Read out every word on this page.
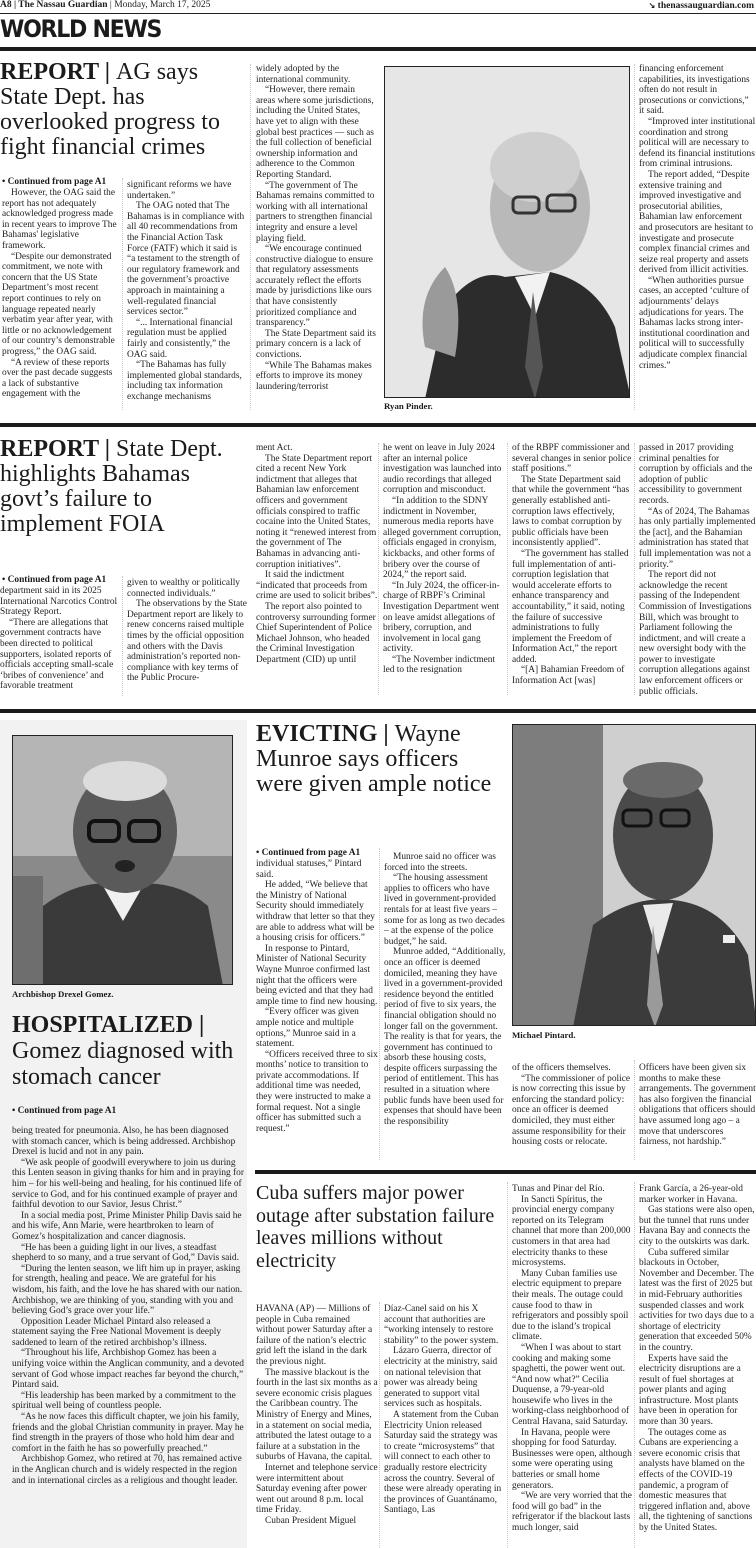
A8 | The Nassau Guardian | Monday, March 17, 2025	↘ thenassauguardian.com
WORLD NEWS
REPORT | AG says State Dept. has overlooked progress to fight financial crimes
• Continued from page A1

However, the OAG said the report has not adequately acknowledged progress made in recent years to improve The Bahamas' legislative framework.

“Despite our demonstrated commitment, we note with concern that the US State Department’s most recent report continues to rely on language repeated nearly verbatim year after year, with little or no acknowledgement of our country’s demonstrable progress,” the OAG said.

“A review of these reports over the past decade suggests a lack of substantive engagement with the

significant reforms we have undertaken.”

The OAG noted that The Bahamas is in compliance with all 40 recommendations from the Financial Action Task Force (FATF) which it said is “a testament to the strength of our regulatory framework and the government’s proactive approach in maintaining a well-regulated financial services sector.”

“... International financial regulation must be applied fairly and consistently,” the OAG said.

“The Bahamas has fully implemented global standards, including tax information exchange mechanisms

widely adopted by the international community.

“However, there remain areas where some jurisdictions, including the United States, have yet to align with these global best practices — such as the full collection of beneficial ownership information and adherence to the Common Reporting Standard.

“The government of The Bahamas remains committed to working with all international partners to strengthen financial integrity and ensure a level playing field.

“We encourage continued constructive dialogue to ensure that regulatory assessments accurately reflect the efforts made by jurisdictions like ours that have consistently prioritized compliance and transparency.”

The State Department said its primary concern is a lack of convictions.

“While The Bahamas makes efforts to improve its money laundering/terrorist

Ryan Pinder.

financing enforcement capabilities, its investigations often do not result in prosecutions or convictions,” it said.

“Improved inter institutional coordination and strong political will are necessary to defend its financial institutions from criminal intrusions.

The report added, “Despite extensive training and improved investigative and prosecutorial abilities, Bahamian law enforcement and prosecutors are hesitant to investigate and prosecute complex financial crimes and seize real property and assets derived from illicit activities.

“When authorities pursue cases, an accepted ‘culture of adjournments’ delays adjudications for years. The Bahamas lacks strong inter-institutional coordination and political will to successfully adjudicate complex financial crimes.”

REPORT | State Dept. highlights Bahamas govt’s failure to implement FOIA
• Continued from page A1

department said in its 2025 International Narcotics Control Strategy Report.

“There are allegations that government contracts have been directed to political supporters, isolated reports of officials accepting small-scale ‘bribes of convenience’ and favorable treatment

given to wealthy or politically connected individuals.”

The observations by the State Department report are likely to renew concerns raised multiple times by the official opposition and others with the Davis administration’s reported non-compliance with key terms of the Public Procure-

ment Act.

The State Department report cited a recent New York indictment that alleges that Bahamian law enforcement officers and government officials conspired to traffic cocaine into the United States, noting it “renewed interest from the government of The Bahamas in advancing anti-corruption initiatives”.

It said the indictment “indicated that proceeds from crime are used to solicit bribes”.

The report also pointed to controversy surrounding former Chief Superintendent of Police Michael Johnson, who headed the Criminal Investigation Department (CID) up until

he went on leave in July 2024 after an internal police investigation was launched into audio recordings that alleged corruption and misconduct.

“In addition to the SDNY indictment in November, numerous media reports have alleged government corruption, officials engaged in cronyism, kickbacks, and other forms of bribery over the course of 2024,” the report said.

“In July 2024, the officer-in-charge of RBPF’s Criminal Investigation Department went on leave amidst allegations of bribery, corruption, and involvement in local gang activity.

“The November indictment led to the resignation

of the RBPF commissioner and several changes in senior police staff positions.”

The State Department said that while the government “has generally established anti-corruption laws effectively, laws to combat corruption by public officials have been inconsistently applied”.

“The government has stalled full implementation of anti-corruption legislation that would accelerate efforts to enhance transparency and accountability,” it said, noting the failure of successive administrations to fully implement the Freedom of Information Act,” the report added.

“[A] Bahamian Freedom of Information Act [was]

passed in 2017 providing criminal penalties for corruption by officials and the adoption of public accessibility to government records.

“As of 2024, The Bahamas has only partially implemented the [act], and the Bahamian administration has stated that full implementation was not a priority.”

The report did not acknowledge the recent passing of the Independent Commission of Investigations Bill, which was brought to Parliament following the indictment, and will create a new oversight body with the power to investigate corruption allegations against law enforcement officers or public officials.

Archbishop Drexel Gomez.
HOSPITALIZED |
Gomez diagnosed with stomach cancer
• Continued from page A1

being treated for pneumonia. Also, he has been diagnosed with stomach cancer, which is being addressed. Archbishop Drexel is lucid and not in any pain.

“We ask people of goodwill everywhere to join us during this Lenten season in giving thanks for him and in praying for him – for his well-being and healing, for his continued life of service to God, and for his continued example of prayer and faithful devotion to our Savior, Jesus Christ.”

In a social media post, Prime Minister Philip Davis said he and his wife, Ann Marie, were heartbroken to learn of Gomez’s hospitalization and cancer diagnosis.

“He has been a guiding light in our lives, a steadfast shepherd to so many, and a true servant of God,” Davis said.

“During the lenten season, we lift him up in prayer, asking for strength, healing and peace. We are grateful for his wisdom, his faith, and the love he has shared with our nation. Archbishop, we are thinking of you, standing with you and believing God’s grace over your life.”

Opposition Leader Michael Pintard also released a statement saying the Free National Movement is deeply saddened to learn of the retired archbishop’s illness.

“Throughout his life, Archbishop Gomez has been a unifying voice within the Anglican community, and a devoted servant of God whose impact reaches far beyond the church,” Pintard said.

“His leadership has been marked by a commitment to the spiritual well being of countless people.

“As he now faces this difficult chapter, we join his family, friends and the global Christian community in prayer. May he find strength in the prayers of those who hold him dear and comfort in the faith he has so powerfully preached.”

Archbishop Gomez, who retired at 70, has remained active in the Anglican church and is widely respected in the region and in international circles as a religious and thought leader.

EVICTING | Wayne Munroe says officers were given ample notice
• Continued from page A1

individual statuses,” Pintard said.

He added, “We believe that the Ministry of National Security should immediately withdraw that letter so that they are able to address what will be a housing crisis for officers.”

In response to Pintard, Minister of National Security Wayne Munroe confirmed last night that the officers were being evicted and that they had ample time to find new housing.

“Every officer was given ample notice and multiple options,” Munroe said in a statement.

“Officers received three to six months’ notice to transition to private accommodations. If additional time was needed, they were instructed to make a formal request. Not a single officer has submitted such a request.”

Munroe said no officer was forced into the streets.

“The housing assessment applies to officers who have lived in government-provided rentals for at least five years – some for as long as two decades – at the expense of the police budget,” he said.

Munroe added, “Additionally, once an officer is deemed domiciled, meaning they have lived in a government-provided residence beyond the entitled period of five to six years, the financial obligation should no longer fall on the government. The reality is that for years, the government has continued to absorb these housing costs, despite officers surpassing the period of entitlement. This has resulted in a situation where public funds have been used for expenses that should have been the responsibility

Michael Pintard.

of the officers themselves.

“The commissioner of police is now correcting this issue by enforcing the standard policy: once an officer is deemed domiciled, they must either assume responsibility for their housing costs or relocate.

Officers have been given six months to make these arrangements. The government has also forgiven the financial obligations that officers should have assumed long ago – a move that underscores fairness, not hardship.”

Cuba suffers major power outage after substation failure leaves millions without electricity

HAVANA (AP) — Millions of people in Cuba remained without power Saturday after a failure of the nation’s electric grid left the island in the dark the previous night.

The massive blackout is the fourth in the last six months as a severe economic crisis plagues the Caribbean country. The Ministry of Energy and Mines, in a statement on social media, attributed the latest outage to a failure at a substation in the suburbs of Havana, the capital.

Internet and telephone service were intermittent about Saturday evening after power went out around 8 p.m. local time Friday.

Cuban President Miguel

Díaz-Canel said on his X account that authorities are “working intensely to restore stability” to the power system.

Lázaro Guerra, director of electricity at the ministry, said on national television that power was already being generated to support vital services such as hospitals.

A statement from the Cuban Electricity Union released Saturday said the strategy was to create “microsystems” that will connect to each other to gradually restore electricity across the country. Several of these were already operating in the provinces of Guantánamo, Santiago, Las

Tunas and Pinar del Río.

In Sancti Spíritus, the provincial energy company reported on its Telegram channel that more than 200,000 customers in that area had electricity thanks to these microsystems.

Many Cuban families use electric equipment to prepare their meals. The outage could cause food to thaw in refrigerators and possibly spoil due to the island’s tropical climate.

“When I was about to start cooking and making some spaghetti, the power went out. “And now what?” Cecilia Duquense, a 79-year-old housewife who lives in the working-class neighborhood of Central Havana, said Saturday.

In Havana, people were shopping for food Saturday. Businesses were open, although some were operating using batteries or small home generators.

“We are very worried that the food will go bad” in the refrigerator if the blackout lasts much longer, said

Frank García, a 26-year-old marker worker in Havana.

Gas stations were also open, but the tunnel that runs under Havana Bay and connects the city to the outskirts was dark.

Cuba suffered similar blackouts in October, November and December. The latest was the first of 2025 but in mid-February authorities suspended classes and work activities for two days due to a shortage of electricity generation that exceeded 50% in the country.

Experts have said the electricity disruptions are a result of fuel shortages at power plants and aging infrastructure. Most plants have been in operation for more than 30 years.

The outages come as Cubans are experiencing a severe economic crisis that analysts have blamed on the effects of the COVID-19 pandemic, a program of domestic measures that triggered inflation and, above all, the tightening of sanctions by the United States.
